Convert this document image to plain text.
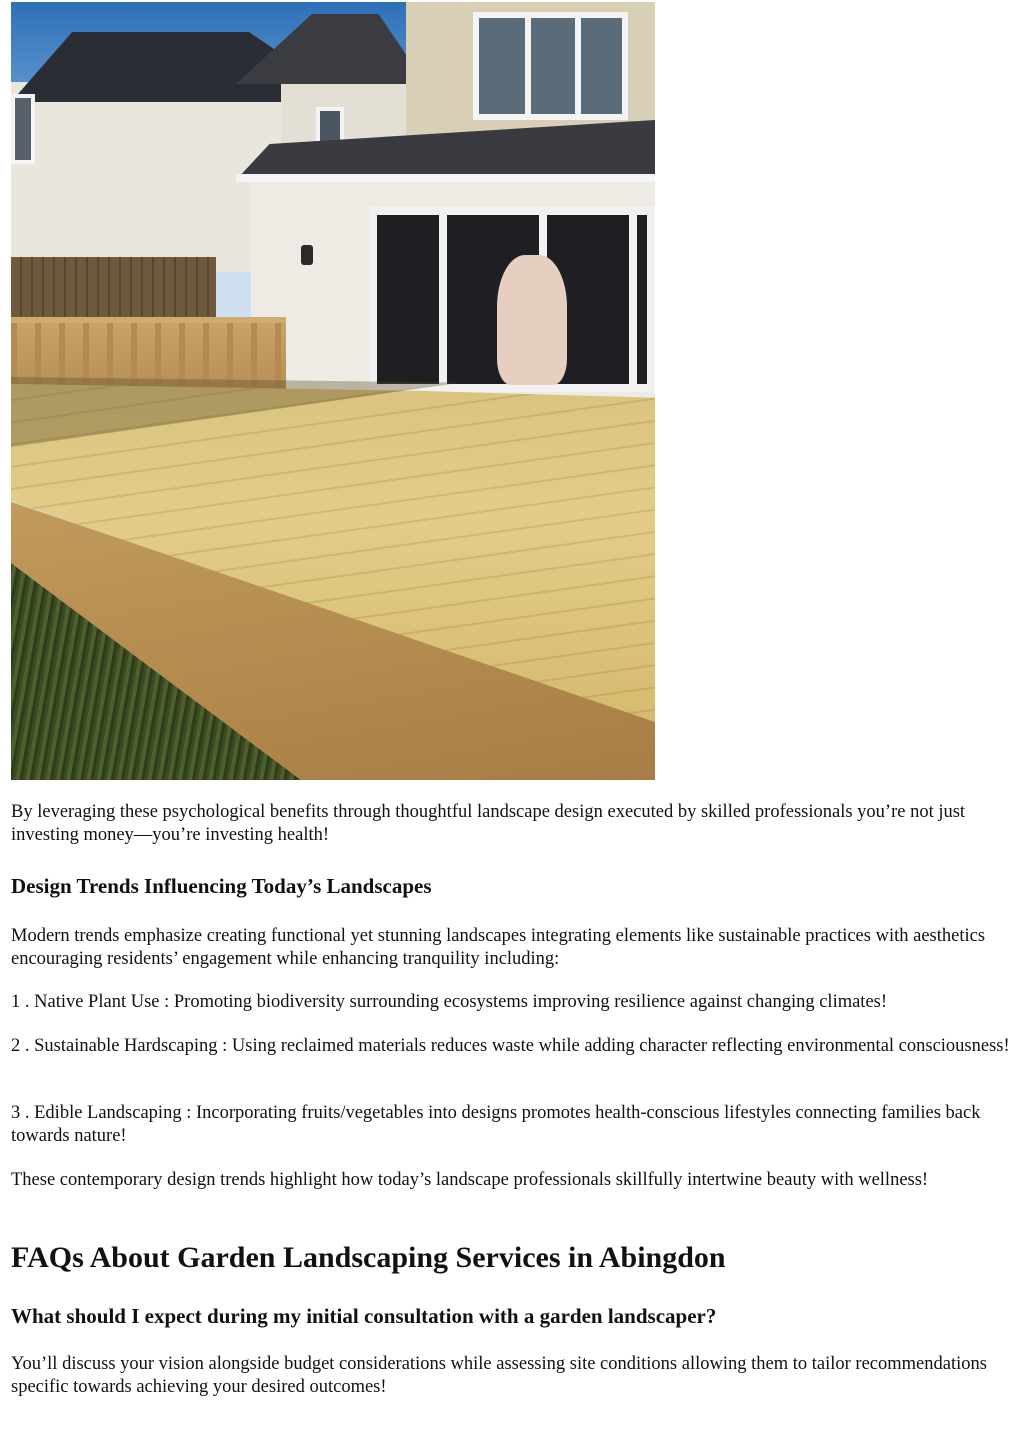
By leveraging these psychological benefits through thoughtful landscape design executed by skilled professionals you’re not just investing money—you’re investing health!

Design Trends Influencing Today’s Landscapes

Modern trends emphasize creating functional yet stunning landscapes integrating elements like sustainable practices with aesthetics encouraging residents’ engagement while enhancing tranquility including:

1 . Native Plant Use : Promoting biodiversity surrounding ecosystems improving resilience against changing climates!

2 . Sustainable Hardscaping : Using reclaimed materials reduces waste while adding character reflecting environmental consciousness!

3 . Edible Landscaping : Incorporating fruits/vegetables into designs promotes health-conscious lifestyles connecting families back towards nature!

These contemporary design trends highlight how today’s landscape professionals skillfully intertwine beauty with wellness!

FAQs About Garden Landscaping Services in Abingdon
What should I expect during my initial consultation with a garden landscaper?

You’ll discuss your vision alongside budget considerations while assessing site conditions allowing them to tailor recommendations specific towards achieving your desired outcomes!
